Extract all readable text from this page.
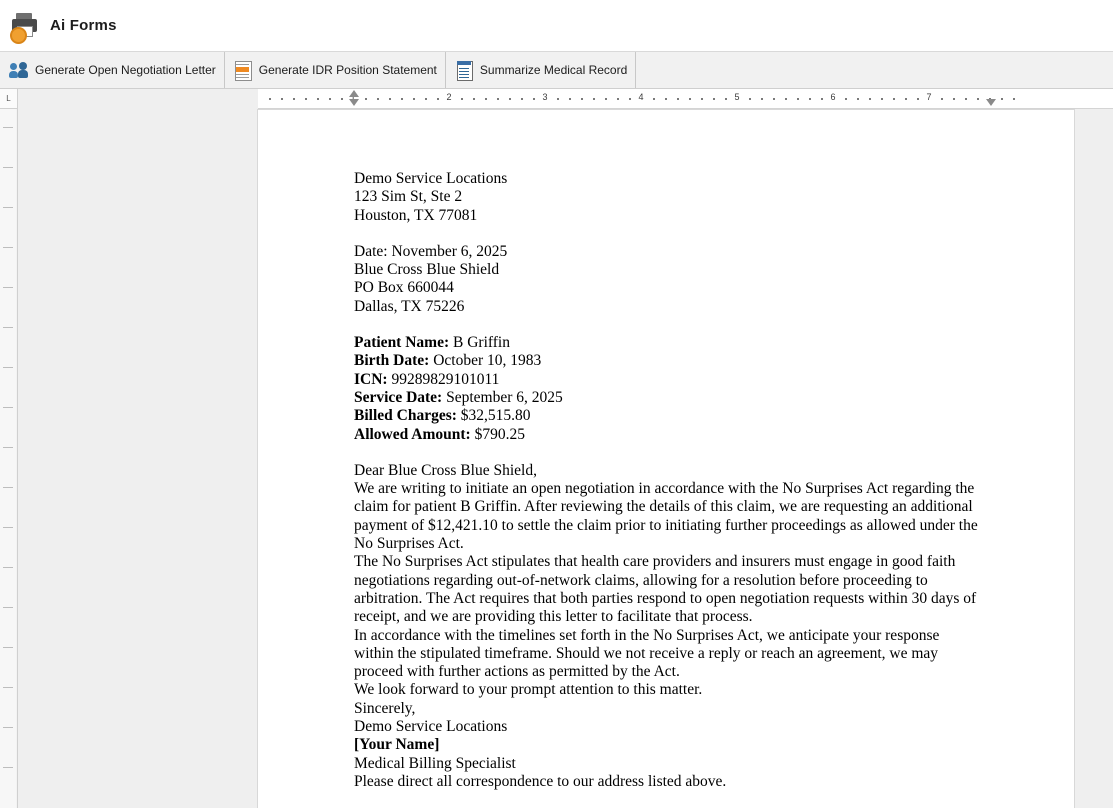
Ai Forms
Generate Open Negotiation Letter	Generate IDR Position Statement	Summarize Medical Record
L	1	2	3	4	5	6	7
Demo Service Locations
123 Sim St, Ste 2
Houston, TX 77081
Date: November 6, 2025
Blue Cross Blue Shield
PO Box 660044
Dallas, TX 75226
Patient Name: B Griffin
Birth Date: October 10, 1983
ICN: 99289829101011
Service Date: September 6, 2025
Billed Charges: $32,515.80
Allowed Amount: $790.25
Dear Blue Cross Blue Shield,

We are writing to initiate an open negotiation in accordance with the No Surprises Act regarding the claim for patient B Griffin. After reviewing the details of this claim, we are requesting an additional payment of $12,421.10 to settle the claim prior to initiating further proceedings as allowed under the No Surprises Act.

The No Surprises Act stipulates that health care providers and insurers must engage in good faith negotiations regarding out-of-network claims, allowing for a resolution before proceeding to arbitration. The Act requires that both parties respond to open negotiation requests within 30 days of receipt, and we are providing this letter to facilitate that process.

In accordance with the timelines set forth in the No Surprises Act, we anticipate your response within the stipulated timeframe. Should we not receive a reply or reach an agreement, we may proceed with further actions as permitted by the Act.

We look forward to your prompt attention to this matter.

Sincerely,
Demo Service Locations
[Your Name]
Medical Billing Specialist
Please direct all correspondence to our address listed above.
